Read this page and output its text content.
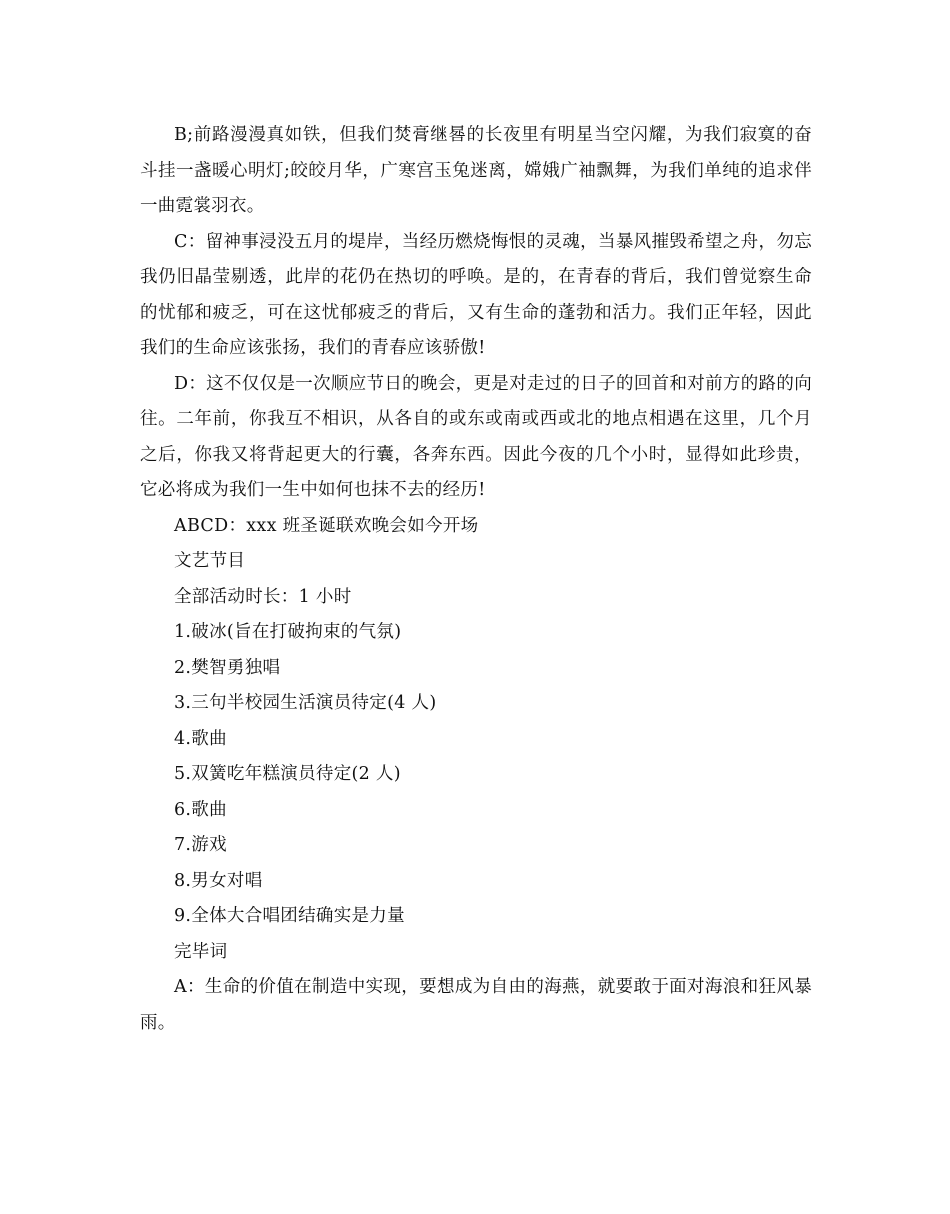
B;前路漫漫真如铁，但我们焚膏继晷的长夜里有明星当空闪耀，为我们寂寞的奋斗挂一盏暖心明灯;皎皎月华，广寒宫玉兔迷离，嫦娥广袖飘舞，为我们单纯的追求伴一曲霓裳羽衣。

C：留神事浸没五月的堤岸，当经历燃烧悔恨的灵魂，当暴风摧毁希望之舟，勿忘我仍旧晶莹剔透，此岸的花仍在热切的呼唤。是的，在青春的背后，我们曾觉察生命的忧郁和疲乏，可在这忧郁疲乏的背后，又有生命的蓬勃和活力。我们正年轻，因此我们的生命应该张扬，我们的青春应该骄傲!

D：这不仅仅是一次顺应节日的晚会，更是对走过的日子的回首和对前方的路的向往。二年前，你我互不相识，从各自的或东或南或西或北的地点相遇在这里，几个月之后，你我又将背起更大的行囊，各奔东西。因此今夜的几个小时，显得如此珍贵，它必将成为我们一生中如何也抹不去的经历!

ABCD：xxx 班圣诞联欢晚会如今开场

文艺节目

全部活动时长：1 小时

1.破冰(旨在打破拘束的气氛)

2.樊智勇独唱

3.三句半校园生活演员待定(4 人)

4.歌曲

5.双簧吃年糕演员待定(2 人)

6.歌曲

7.游戏

8.男女对唱

9.全体大合唱团结确实是力量

完毕词

A：生命的价值在制造中实现，要想成为自由的海燕，就要敢于面对海浪和狂风暴雨。
